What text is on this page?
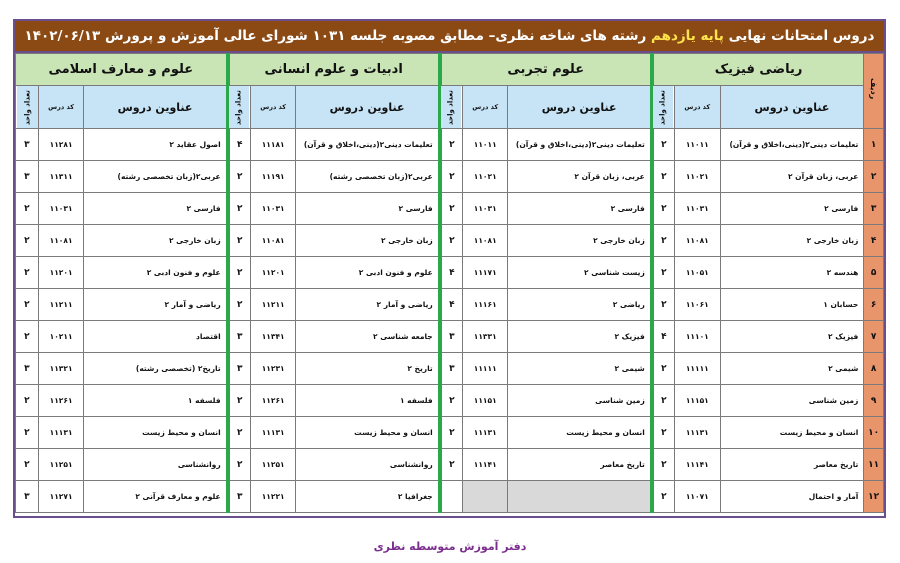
دروس امتحانات نهایی

پایه یازدهم

رشته های شاخه نظری– مطابق مصوبه جلسه ۱۰۳۱ شورای عالی آموزش و پرورش ۱۴۰۲/۰۶/۱۳
ردیف	ریاضی فیزیک			علوم تجربی			ادبیات و علوم انسانی			علوم و معارف اسلامی		
	عناوین دروس	کد درس	تعداد واحد	عناوین دروس	کد درس	تعداد واحد	عناوین دروس	کد درس	تعداد واحد	عناوین دروس	کد درس	تعداد واحد
۱	تعلیمات دینی۲(دینی،اخلاق و قرآن)	۱۱۰۱۱	۲	تعلیمات دینی۲(دینی،اخلاق و قرآن)	۱۱۰۱۱	۲	تعلیمات دینی۲(دینی،اخلاق و قرآن)	۱۱۱۸۱	۴	اصول عقاید ۲	۱۱۲۸۱	۳
۲	عربی، زبان قرآن ۲	۱۱۰۲۱	۲	عربی، زبان قرآن ۲	۱۱۰۲۱	۲	عربی۲(زبان تخصصی رشته)	۱۱۱۹۱	۲	عربی۲(زبان تخصصی رشته)	۱۱۳۱۱	۳
۳	فارسی ۲	۱۱۰۳۱	۲	فارسی ۲	۱۱۰۳۱	۲	فارسی ۲	۱۱۰۳۱	۲	فارسی ۲	۱۱۰۳۱	۲
۴	زبان خارجی ۲	۱۱۰۸۱	۲	زبان خارجی ۲	۱۱۰۸۱	۲	زبان خارجی ۲	۱۱۰۸۱	۲	زبان خارجی ۲	۱۱۰۸۱	۲
۵	هندسه ۲	۱۱۰۵۱	۲	زیست شناسی ۲	۱۱۱۷۱	۴	علوم و فنون ادبی ۲	۱۱۲۰۱	۲	علوم و فنون ادبی ۲	۱۱۲۰۱	۲
۶	حسابان ۱	۱۱۰۶۱	۲	ریاضی ۲	۱۱۱۶۱	۴	ریاضی و آمار ۲	۱۱۲۱۱	۲	ریاضی و آمار ۲	۱۱۲۱۱	۲
۷	فیزیک ۲	۱۱۱۰۱	۴	فیزیک ۲	۱۱۳۳۱	۳	جامعه شناسی ۲	۱۱۳۴۱	۳	اقتصاد	۱۰۲۱۱	۲
۸	شیمی ۲	۱۱۱۱۱	۲	شیمی ۲	۱۱۱۱۱	۳	تاریخ ۲	۱۱۲۳۱	۳	تاریخ۲ (تخصصی رشته)	۱۱۳۲۱	۳
۹	زمین شناسی	۱۱۱۵۱	۲	زمین شناسی	۱۱۱۵۱	۲	فلسفه ۱	۱۱۲۶۱	۲	فلسفه ۱	۱۱۲۶۱	۲
۱۰	انسان و محیط زیست	۱۱۱۳۱	۲	انسان و محیط زیست	۱۱۱۳۱	۲	انسان و محیط زیست	۱۱۱۳۱	۲	انسان و محیط زیست	۱۱۱۳۱	۲
۱۱	تاریخ معاصر	۱۱۱۴۱	۲	تاریخ معاصر	۱۱۱۴۱	۲	روانشناسی	۱۱۲۵۱	۲	روانشناسی	۱۱۲۵۱	۲
۱۲	آمار و احتمال	۱۱۰۷۱	۲				جغرافیا ۲	۱۱۲۲۱	۳	علوم و معارف قرآنی ۲	۱۱۲۷۱	۳
دفتر آموزش متوسطه نظری
